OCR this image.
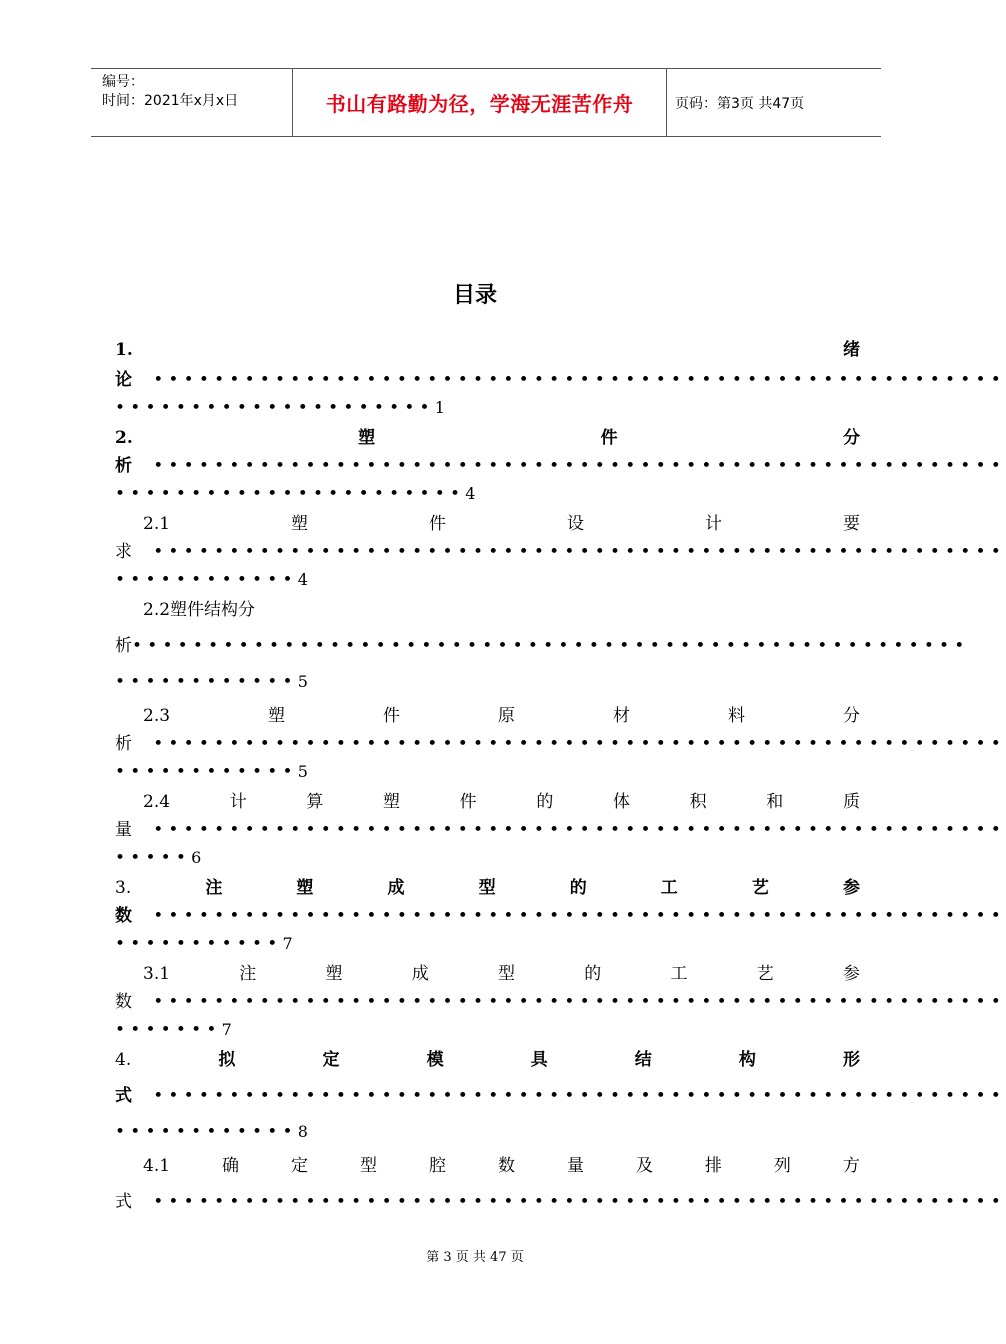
编号：
时间：2021年x月x日	书山有路勤为径，学海无涯苦作舟	页码：第3页 共47页
目录
1.	绪
论 ••••••••••••••••••••••••••••••••••••••••••••••••••••••••
•••••••••••••••••••••1
2.	塑	件	分
析 ••••••••••••••••••••••••••••••••••••••••••••••••••••••••
•••••••••••••••••••••••4
2.1	塑	件	设	计	要
求 ••••••••••••••••••••••••••••••••••••••••••••••••••••••••
••••••••••••4
2.2塑件结构分
析 •••••••••••••••••••••••••••••••••••••••••••••••••••••••
••••••••••••5
2.3	塑	件	原	材	料	分
析 ••••••••••••••••••••••••••••••••••••••••••••••••••••••••
••••••••••••5
2.4	计	算	塑	件	的	体	积	和	质
量 ••••••••••••••••••••••••••••••••••••••••••••••••••••••••
•••••6
3.	注	塑	成	型	的	工	艺	参
数 ••••••••••••••••••••••••••••••••••••••••••••••••••••••••
•••••••••••7
3.1	注	塑	成	型	的	工	艺	参
数 ••••••••••••••••••••••••••••••••••••••••••••••••••••••••
•••••••7
4.	拟	定	模	具	结	构	形
式 ••••••••••••••••••••••••••••••••••••••••••••••••••••••••
••••••••••••8
4.1	确	定	型	腔	数	量	及	排	列	方
式 ••••••••••••••••••••••••••••••••••••••••••••••••••••••••
第 3 页 共 47 页
